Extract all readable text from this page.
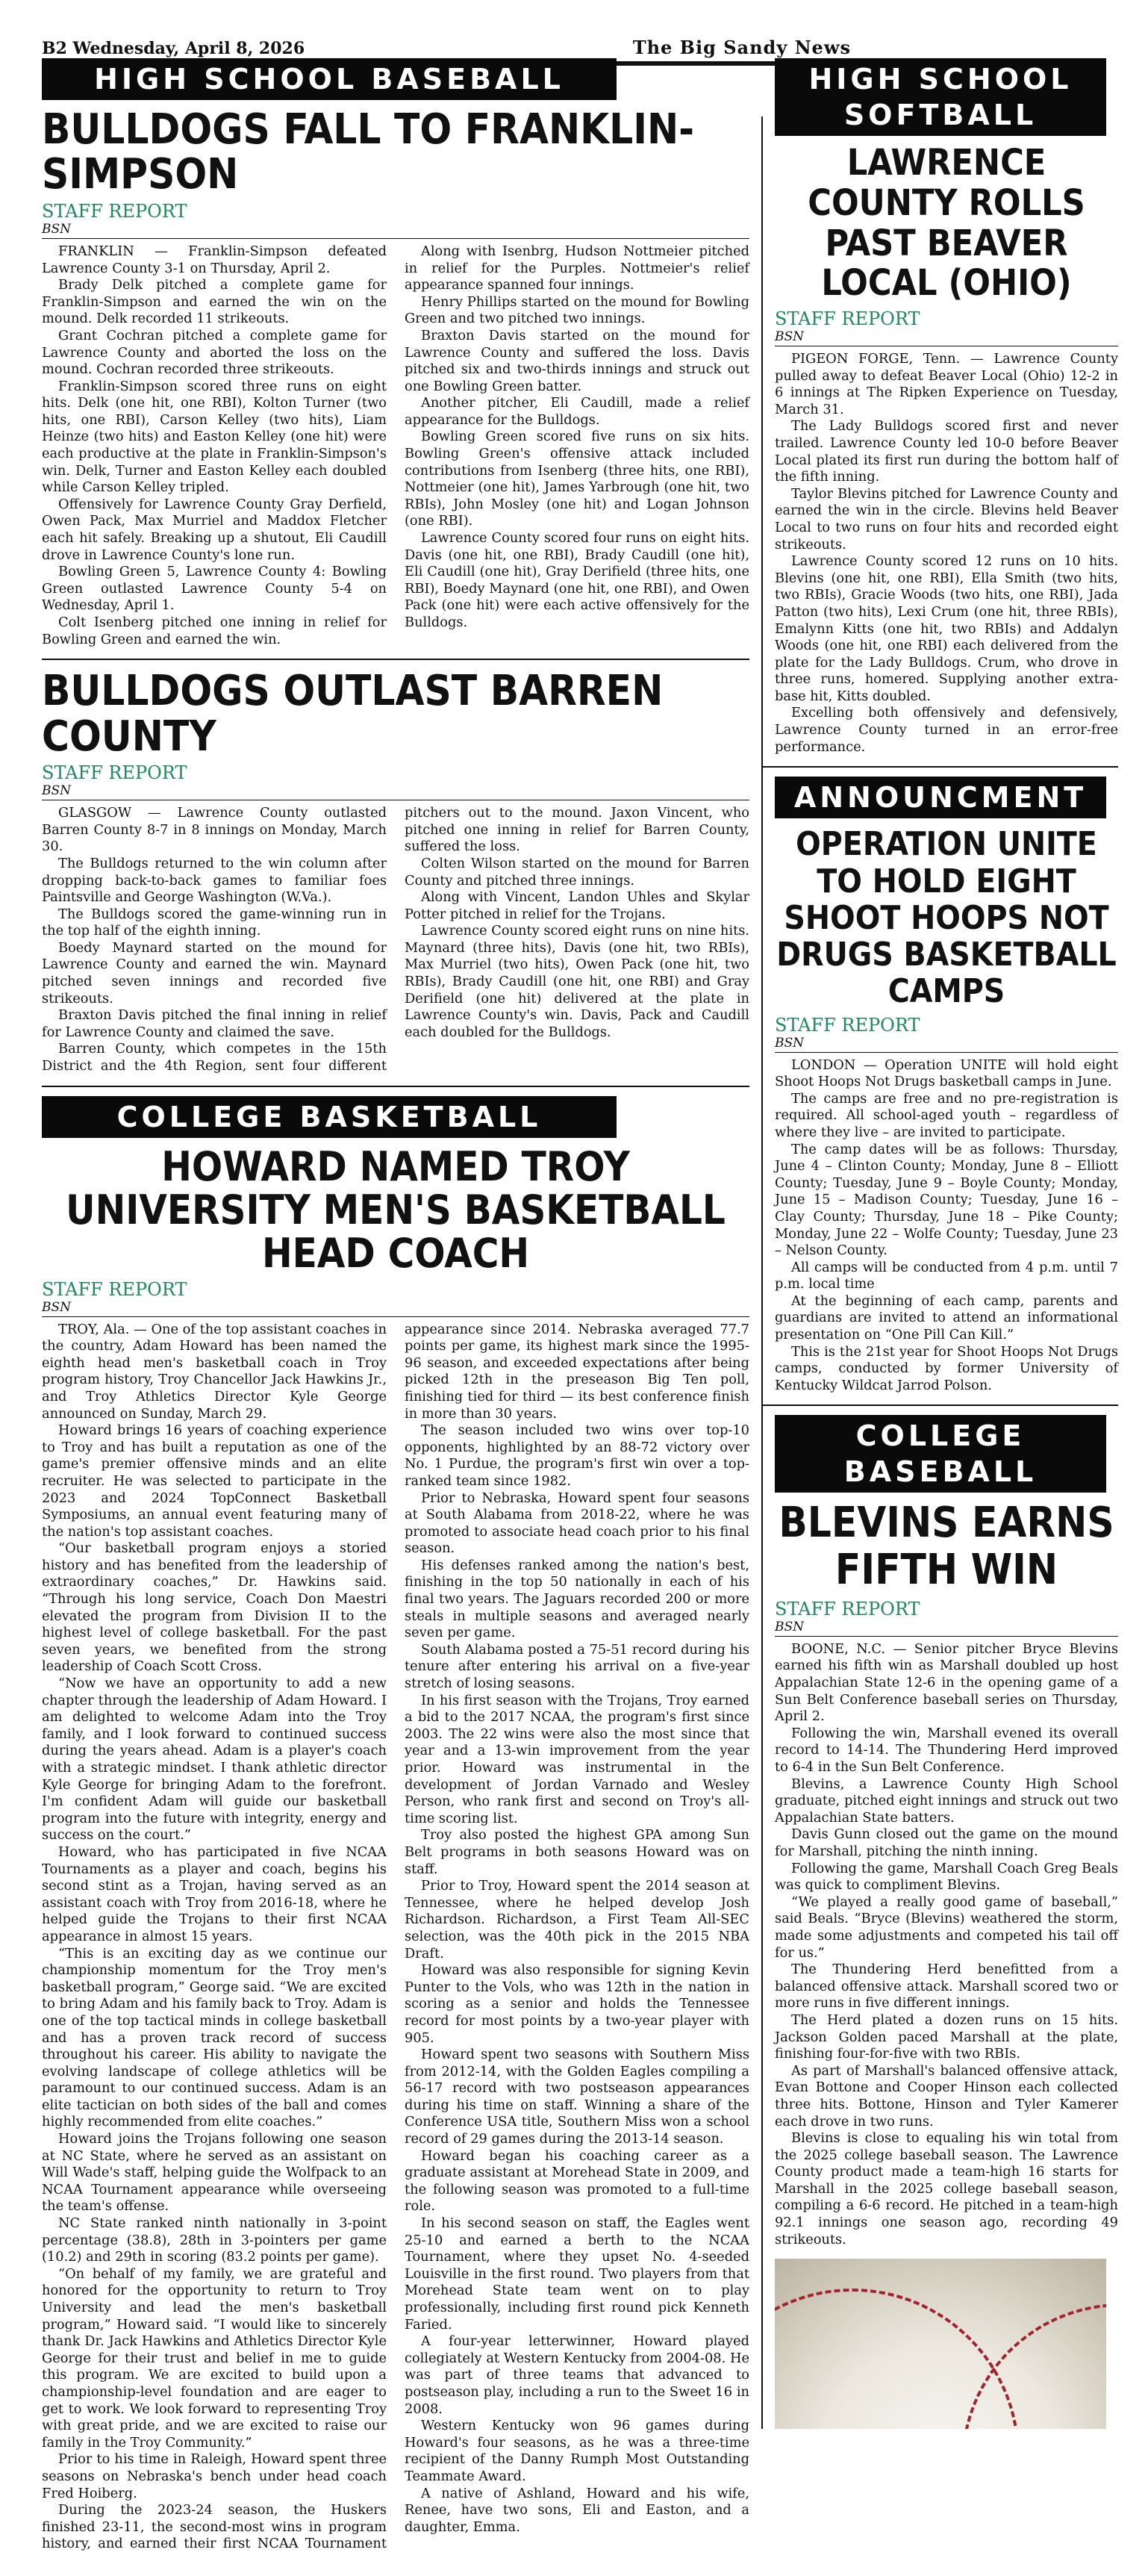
B2 Wednesday, April 8, 2026	The Big Sandy News
HIGH SCHOOL BASEBALL
BULLDOGS FALL TO FRANKLIN-SIMPSON
STAFF REPORT
BSN

FRANKLIN — Franklin-Simpson defeated Lawrence County 3-1 on Thursday, April 2.

Brady Delk pitched a complete game for Franklin-Simpson and earned the win on the mound. Delk recorded 11 strikeouts.

Grant Cochran pitched a complete game for Lawrence County and aborted the loss on the mound. Cochran recorded three strikeouts.

Franklin-Simpson scored three runs on eight hits. Delk (one hit, one RBI), Kolton Turner (two hits, one RBI), Carson Kelley (two hits), Liam Heinze (two hits) and Easton Kelley (one hit) were each productive at the plate in Franklin-Simpson's win. Delk, Turner and Easton Kelley each doubled while Carson Kelley tripled.

Offensively for Lawrence County Gray Derfield, Owen Pack, Max Murriel and Maddox Fletcher each hit safely. Breaking up a shutout, Eli Caudill drove in Lawrence County's lone run.

Bowling Green 5, Lawrence County 4: Bowling Green outlasted Lawrence County 5-4 on Wednesday, April 1.

Colt Isenberg pitched one inning in relief for Bowling Green and earned the win.

Along with Isenbrg, Hudson Nottmeier pitched in relief for the Purples. Nottmeier's relief appearance spanned four innings.

Henry Phillips started on the mound for Bowling Green and two pitched two innings.

Braxton Davis started on the mound for Lawrence County and suffered the loss. Davis pitched six and two-thirds innings and struck out one Bowling Green batter.

Another pitcher, Eli Caudill, made a relief appearance for the Bulldogs.

Bowling Green scored five runs on six hits. Bowling Green's offensive attack included contributions from Isenberg (three hits, one RBI), Nottmeier (one hit), James Yarbrough (one hit, two RBIs), John Mosley (one hit) and Logan Johnson (one RBI).

Lawrence County scored four runs on eight hits. Davis (one hit, one RBI), Brady Caudill (one hit), Eli Caudill (one hit), Gray Derifield (three hits, one RBI), Boedy Maynard (one hit, one RBI), and Owen Pack (one hit) were each active offensively for the Bulldogs.

BULLDOGS OUTLAST BARREN COUNTY
STAFF REPORT
BSN

GLASGOW — Lawrence County outlasted Barren County 8-7 in 8 innings on Monday, March 30.

The Bulldogs returned to the win column after dropping back-to-back games to familiar foes Paintsville and George Washington (W.Va.).

The Bulldogs scored the game-winning run in the top half of the eighth inning.

Boedy Maynard started on the mound for Lawrence County and earned the win. Maynard pitched seven innings and recorded five strikeouts.

Braxton Davis pitched the final inning in relief for Lawrence County and claimed the save.

Barren County, which competes in the 15th District and the 4th Region, sent four different pitchers out to the mound. Jaxon Vincent, who pitched one inning in relief for Barren County, suffered the loss.

Colten Wilson started on the mound for Barren County and pitched three innings.

Along with Vincent, Landon Uhles and Skylar Potter pitched in relief for the Trojans.

Lawrence County scored eight runs on nine hits. Maynard (three hits), Davis (one hit, two RBIs), Max Murriel (two hits), Owen Pack (one hit, two RBIs), Brady Caudill (one hit, one RBI) and Gray Derifield (one hit) delivered at the plate in Lawrence County's win. Davis, Pack and Caudill each doubled for the Bulldogs.

COLLEGE BASKETBALL
HOWARD NAMED TROY UNIVERSITY MEN'S BASKETBALL HEAD COACH
STAFF REPORT
BSN

TROY, Ala. — One of the top assistant coaches in the country, Adam Howard has been named the eighth head men's basketball coach in Troy program history, Troy Chancellor Jack Hawkins Jr., and Troy Athletics Director Kyle George announced on Sunday, March 29.

Howard brings 16 years of coaching experience to Troy and has built a reputation as one of the game's premier offensive minds and an elite recruiter. He was selected to participate in the 2023 and 2024 TopConnect Basketball Symposiums, an annual event featuring many of the nation's top assistant coaches.

“Our basketball program enjoys a storied history and has benefited from the leadership of extraordinary coaches,” Dr. Hawkins said. “Through his long service, Coach Don Maestri elevated the program from Division II to the highest level of college basketball. For the past seven years, we benefited from the strong leadership of Coach Scott Cross.

“Now we have an opportunity to add a new chapter through the leadership of Adam Howard. I am delighted to welcome Adam into the Troy family, and I look forward to continued success during the years ahead. Adam is a player's coach with a strategic mindset. I thank athletic director Kyle George for bringing Adam to the forefront. I'm confident Adam will guide our basketball program into the future with integrity, energy and success on the court.”

Howard, who has participated in five NCAA Tournaments as a player and coach, begins his second stint as a Trojan, having served as an assistant coach with Troy from 2016-18, where he helped guide the Trojans to their first NCAA appearance in almost 15 years.

“This is an exciting day as we continue our championship momentum for the Troy men's basketball program,” George said. “We are excited to bring Adam and his family back to Troy. Adam is one of the top tactical minds in college basketball and has a proven track record of success throughout his career. His ability to navigate the evolving landscape of college athletics will be paramount to our continued success. Adam is an elite tactician on both sides of the ball and comes highly recommended from elite coaches.”

Howard joins the Trojans following one season at NC State, where he served as an assistant on Will Wade's staff, helping guide the Wolfpack to an NCAA Tournament appearance while overseeing the team's offense.

NC State ranked ninth nationally in 3-point percentage (38.8), 28th in 3-pointers per game (10.2) and 29th in scoring (83.2 points per game).

“On behalf of my family, we are grateful and honored for the opportunity to return to Troy University and lead the men's basketball program,” Howard said. “I would like to sincerely thank Dr. Jack Hawkins and Athletics Director Kyle George for their trust and belief in me to guide this program. We are excited to build upon a championship-level foundation and are eager to get to work. We look forward to representing Troy with great pride, and we are excited to raise our family in the Troy Community.”

Prior to his time in Raleigh, Howard spent three seasons on Nebraska's bench under head coach Fred Hoiberg.

During the 2023-24 season, the Huskers finished 23-11, the second-most wins in program history, and earned their first NCAA Tournament appearance since 2014. Nebraska averaged 77.7 points per game, its highest mark since the 1995-96 season, and exceeded expectations after being picked 12th in the preseason Big Ten poll, finishing tied for third — its best conference finish in more than 30 years.

The season included two wins over top-10 opponents, highlighted by an 88-72 victory over No. 1 Purdue, the program's first win over a top-ranked team since 1982.

Prior to Nebraska, Howard spent four seasons at South Alabama from 2018-22, where he was promoted to associate head coach prior to his final season.

His defenses ranked among the nation's best, finishing in the top 50 nationally in each of his final two years. The Jaguars recorded 200 or more steals in multiple seasons and averaged nearly seven per game.

South Alabama posted a 75-51 record during his tenure after entering his arrival on a five-year stretch of losing seasons.

In his first season with the Trojans, Troy earned a bid to the 2017 NCAA, the program's first since 2003. The 22 wins were also the most since that year and a 13-win improvement from the year prior. Howard was instrumental in the development of Jordan Varnado and Wesley Person, who rank first and second on Troy's all-time scoring list.

Troy also posted the highest GPA among Sun Belt programs in both seasons Howard was on staff.

Prior to Troy, Howard spent the 2014 season at Tennessee, where he helped develop Josh Richardson. Richardson, a First Team All-SEC selection, was the 40th pick in the 2015 NBA Draft.

Howard was also responsible for signing Kevin Punter to the Vols, who was 12th in the nation in scoring as a senior and holds the Tennessee record for most points by a two-year player with 905.

Howard spent two seasons with Southern Miss from 2012-14, with the Golden Eagles compiling a 56-17 record with two postseason appearances during his time on staff. Winning a share of the Conference USA title, Southern Miss won a school record of 29 games during the 2013-14 season.

Howard began his coaching career as a graduate assistant at Morehead State in 2009, and the following season was promoted to a full-time role.

In his second season on staff, the Eagles went 25-10 and earned a berth to the NCAA Tournament, where they upset No. 4-seeded Louisville in the first round. Two players from that Morehead State team went on to play professionally, including first round pick Kenneth Faried.

A four-year letterwinner, Howard played collegiately at Western Kentucky from 2004-08. He was part of three teams that advanced to postseason play, including a run to the Sweet 16 in 2008.

Western Kentucky won 96 games during Howard's four seasons, as he was a three-time recipient of the Danny Rumph Most Outstanding Teammate Award.

A native of Ashland, Howard and his wife, Renee, have two sons, Eli and Easton, and a daughter, Emma.

HIGH SCHOOL SOFTBALL
LAWRENCE COUNTY ROLLS PAST BEAVER LOCAL (OHIO)
STAFF REPORT
BSN

PIGEON FORGE, Tenn. — Lawrence County pulled away to defeat Beaver Local (Ohio) 12-2 in 6 innings at The Ripken Experience on Tuesday, March 31.

The Lady Bulldogs scored first and never trailed. Lawrence County led 10-0 before Beaver Local plated its first run during the bottom half of the fifth inning.

Taylor Blevins pitched for Lawrence County and earned the win in the circle. Blevins held Beaver Local to two runs on four hits and recorded eight strikeouts.

Lawrence County scored 12 runs on 10 hits. Blevins (one hit, one RBI), Ella Smith (two hits, two RBIs), Gracie Woods (two hits, one RBI), Jada Patton (two hits), Lexi Crum (one hit, three RBIs), Emalynn Kitts (one hit, two RBIs) and Addalyn Woods (one hit, one RBI) each delivered from the plate for the Lady Bulldogs. Crum, who drove in three runs, homered. Supplying another extra-base hit, Kitts doubled.

Excelling both offensively and defensively, Lawrence County turned in an error-free performance.

ANNOUNCMENT
OPERATION UNITE TO HOLD EIGHT SHOOT HOOPS NOT DRUGS BASKETBALL CAMPS
STAFF REPORT
BSN

LONDON — Operation UNITE will hold eight Shoot Hoops Not Drugs basketball camps in June.

The camps are free and no pre-registration is required. All school-aged youth – regardless of where they live – are invited to participate.

The camp dates will be as follows: Thursday, June 4 – Clinton County; Monday, June 8 – Elliott County; Tuesday, June 9 – Boyle County; Monday, June 15 – Madison County; Tuesday, June 16 – Clay County; Thursday, June 18 – Pike County; Monday, June 22 – Wolfe County; Tuesday, June 23 – Nelson County.

All camps will be conducted from 4 p.m. until 7 p.m. local time

At the beginning of each camp, parents and guardians are invited to attend an informational presentation on “One Pill Can Kill.”

This is the 21st year for Shoot Hoops Not Drugs camps, conducted by former University of Kentucky Wildcat Jarrod Polson.

COLLEGE BASEBALL
BLEVINS EARNS FIFTH WIN
STAFF REPORT
BSN

BOONE, N.C. — Senior pitcher Bryce Blevins earned his fifth win as Marshall doubled up host Appalachian State 12-6 in the opening game of a Sun Belt Conference baseball series on Thursday, April 2.

Following the win, Marshall evened its overall record to 14-14. The Thundering Herd improved to 6-4 in the Sun Belt Conference.

Blevins, a Lawrence County High School graduate, pitched eight innings and struck out two Appalachian State batters.

Davis Gunn closed out the game on the mound for Marshall, pitching the ninth inning.

Following the game, Marshall Coach Greg Beals was quick to compliment Blevins.

“We played a really good game of baseball,” said Beals. “Bryce (Blevins) weathered the storm, made some adjustments and competed his tail off for us.”

The Thundering Herd benefitted from a balanced offensive attack. Marshall scored two or more runs in five different innings.

The Herd plated a dozen runs on 15 hits. Jackson Golden paced Marshall at the plate, finishing four-for-five with two RBIs.

As part of Marshall's balanced offensive attack, Evan Bottone and Cooper Hinson each collected three hits. Bottone, Hinson and Tyler Kamerer each drove in two runs.

Blevins is close to equaling his win total from the 2025 college baseball season. The Lawrence County product made a team-high 16 starts for Marshall in the 2025 college baseball season, compiling a 6-6 record. He pitched in a team-high 92.1 innings one season ago, recording 49 strikeouts.
